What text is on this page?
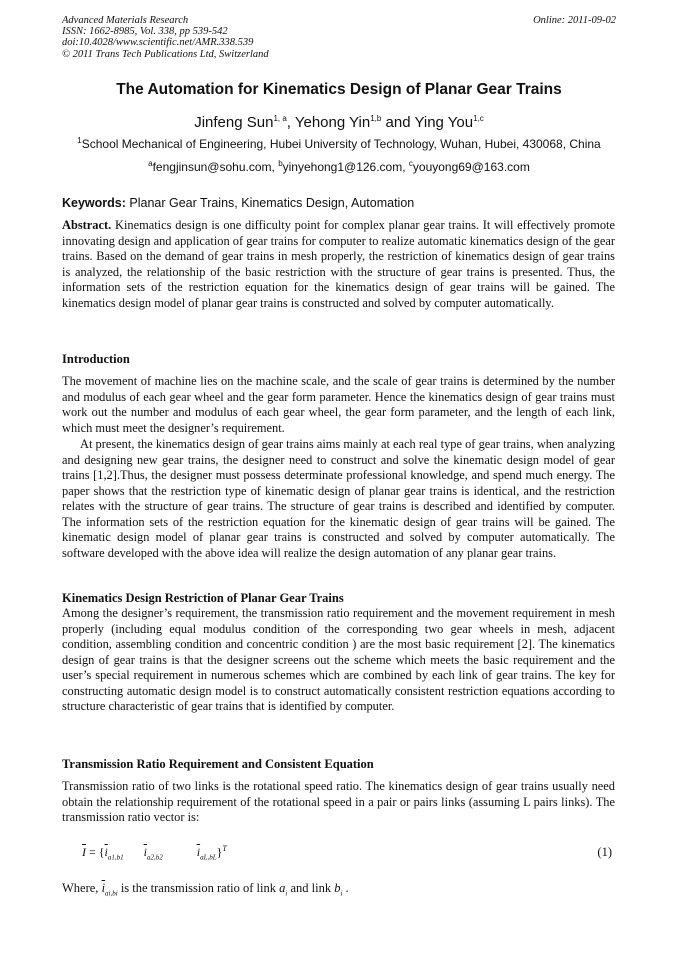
Advanced Materials Research
ISSN: 1662-8985, Vol. 338, pp 539-542
doi:10.4028/www.scientific.net/AMR.338.539
© 2011 Trans Tech Publications Ltd, Switzerland
Online: 2011-09-02
The Automation for Kinematics Design of Planar Gear Trains
Jinfeng Sun$^{1, a}$, Yehong Yin$^{1,b}$ and Ying You$^{1,c}$
$^1$School Mechanical of Engineering, Hubei University of Technology, Wuhan, Hubei, 430068, China
$^a$fengjinsun@sohu.com, $^b$yinyehong1@126.com, $^c$youyong69@163.com
Keywords: Planar Gear Trains, Kinematics Design, Automation

Abstract. Kinematics design is one difficulty point for complex planar gear trains. It will effectively promote innovating design and application of gear trains for computer to realize automatic kinematics design of the gear trains. Based on the demand of gear trains in mesh properly, the restriction of kinematics design of gear trains is analyzed, the relationship of the basic restriction with the structure of gear trains is presented. Thus, the information sets of the restriction equation for the kinematics design of gear trains will be gained. The kinematics design model of planar gear trains is constructed and solved by computer automatically.

Introduction

The movement of machine lies on the machine scale, and the scale of gear trains is determined by the number and modulus of each gear wheel and the gear form parameter. Hence the kinematics design of gear trains must work out the number and modulus of each gear wheel, the gear form parameter, and the length of each link, which must meet the designer’s requirement.

At present, the kinematics design of gear trains aims mainly at each real type of gear trains, when analyzing and designing new gear trains, the designer need to construct and solve the kinematic design model of gear trains [1,2].Thus, the designer must possess determinate professional knowledge, and spend much energy. The paper shows that the restriction type of kinematic design of planar gear trains is identical, and the restriction relates with the structure of gear trains. The structure of gear trains is described and identified by computer. The information sets of the restriction equation for the kinematic design of gear trains will be gained. The kinematic design model of planar gear trains is constructed and solved by computer automatically. The software developed with the above idea will realize the design automation of any planar gear trains.

Kinematics Design Restriction of Planar Gear Trains

Among the designer’s requirement, the transmission ratio requirement and the movement requirement in mesh properly (including equal modulus condition of the corresponding two gear wheels in mesh, adjacent condition, assembling condition and concentric condition ) are the most basic requirement [2]. The kinematics design of gear trains is that the designer screens out the scheme which meets the basic requirement and the user’s special requirement in numerous schemes which are combined by each link of gear trains. The key for constructing automatic design model is to construct automatically consistent restriction equations according to structure characteristic of gear trains that is identified by computer.

Transmission Ratio Requirement and Consistent Equation

Transmission ratio of two links is the rotational speed ratio. The kinematics design of gear trains usually need obtain the relationship requirement of the rotational speed in a pair or pairs links (assuming L pairs links). The transmission ratio vector is:

$\overline{I} = \{\overline{i}_{a1,b1}$ $\overline{i}_{a2,b2}$	$\overline{i}_{aL,bL}\}^T$	(1)
Where, $\overline{i}_{ai,bi}$ is the transmission ratio of link $a_i$ and link $b_i$ .
